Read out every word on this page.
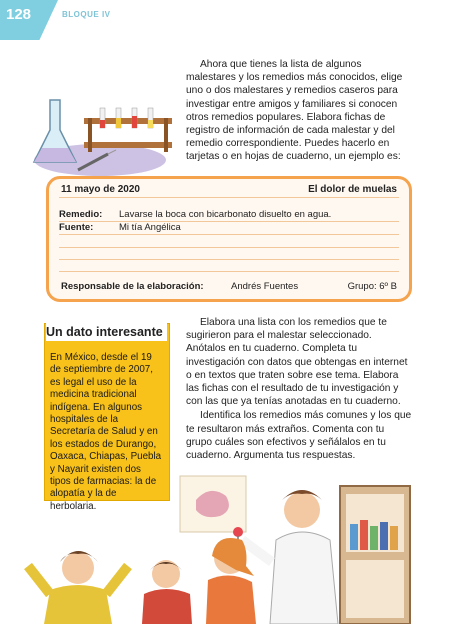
128	BLOQUE IV

Ahora que tienes la lista de algunos malestares y los remedios más conocidos, elige uno o dos malestares y remedios caseros para investigar entre amigos y familiares si conocen otros remedios populares. Elabora fichas de registro de información de cada malestar y del remedio correspondiente. Puedes hacerlo en tarjetas o en hojas de cuaderno, un ejemplo es:

11 mayo de 2020	El dolor de muelas
Remedio: Lavarse la boca con bicarbonato disuelto en agua.
Fuente:	Mi tía Angélica
Responsable de la elaboración:	Andrés Fuentes	Grupo: 6º B
Un dato interesante
En México, desde el 19 de septiembre de 2007, es legal el uso de la medicina tradicional indígena. En algunos hospitales de la Secretaría de Salud y en los estados de Durango, Oaxaca, Chiapas, Puebla y Nayarit existen dos tipos de farmacias: la de alopatía y la de herbolaria.

Elabora una lista con los remedios que te sugirieron para el malestar seleccionado. Anótalos en tu cuaderno. Completa tu investigación con datos que obtengas en internet o en textos que traten sobre ese tema. Elabora las fichas con el resultado de tu investigación y con las que ya tenías anotadas en tu cuaderno.

Identifica los remedios más comunes y los que te resultaron más extraños. Comenta con tu grupo cuáles son efectivos y señálalos en tu cuaderno. Argumenta tus respuestas.
